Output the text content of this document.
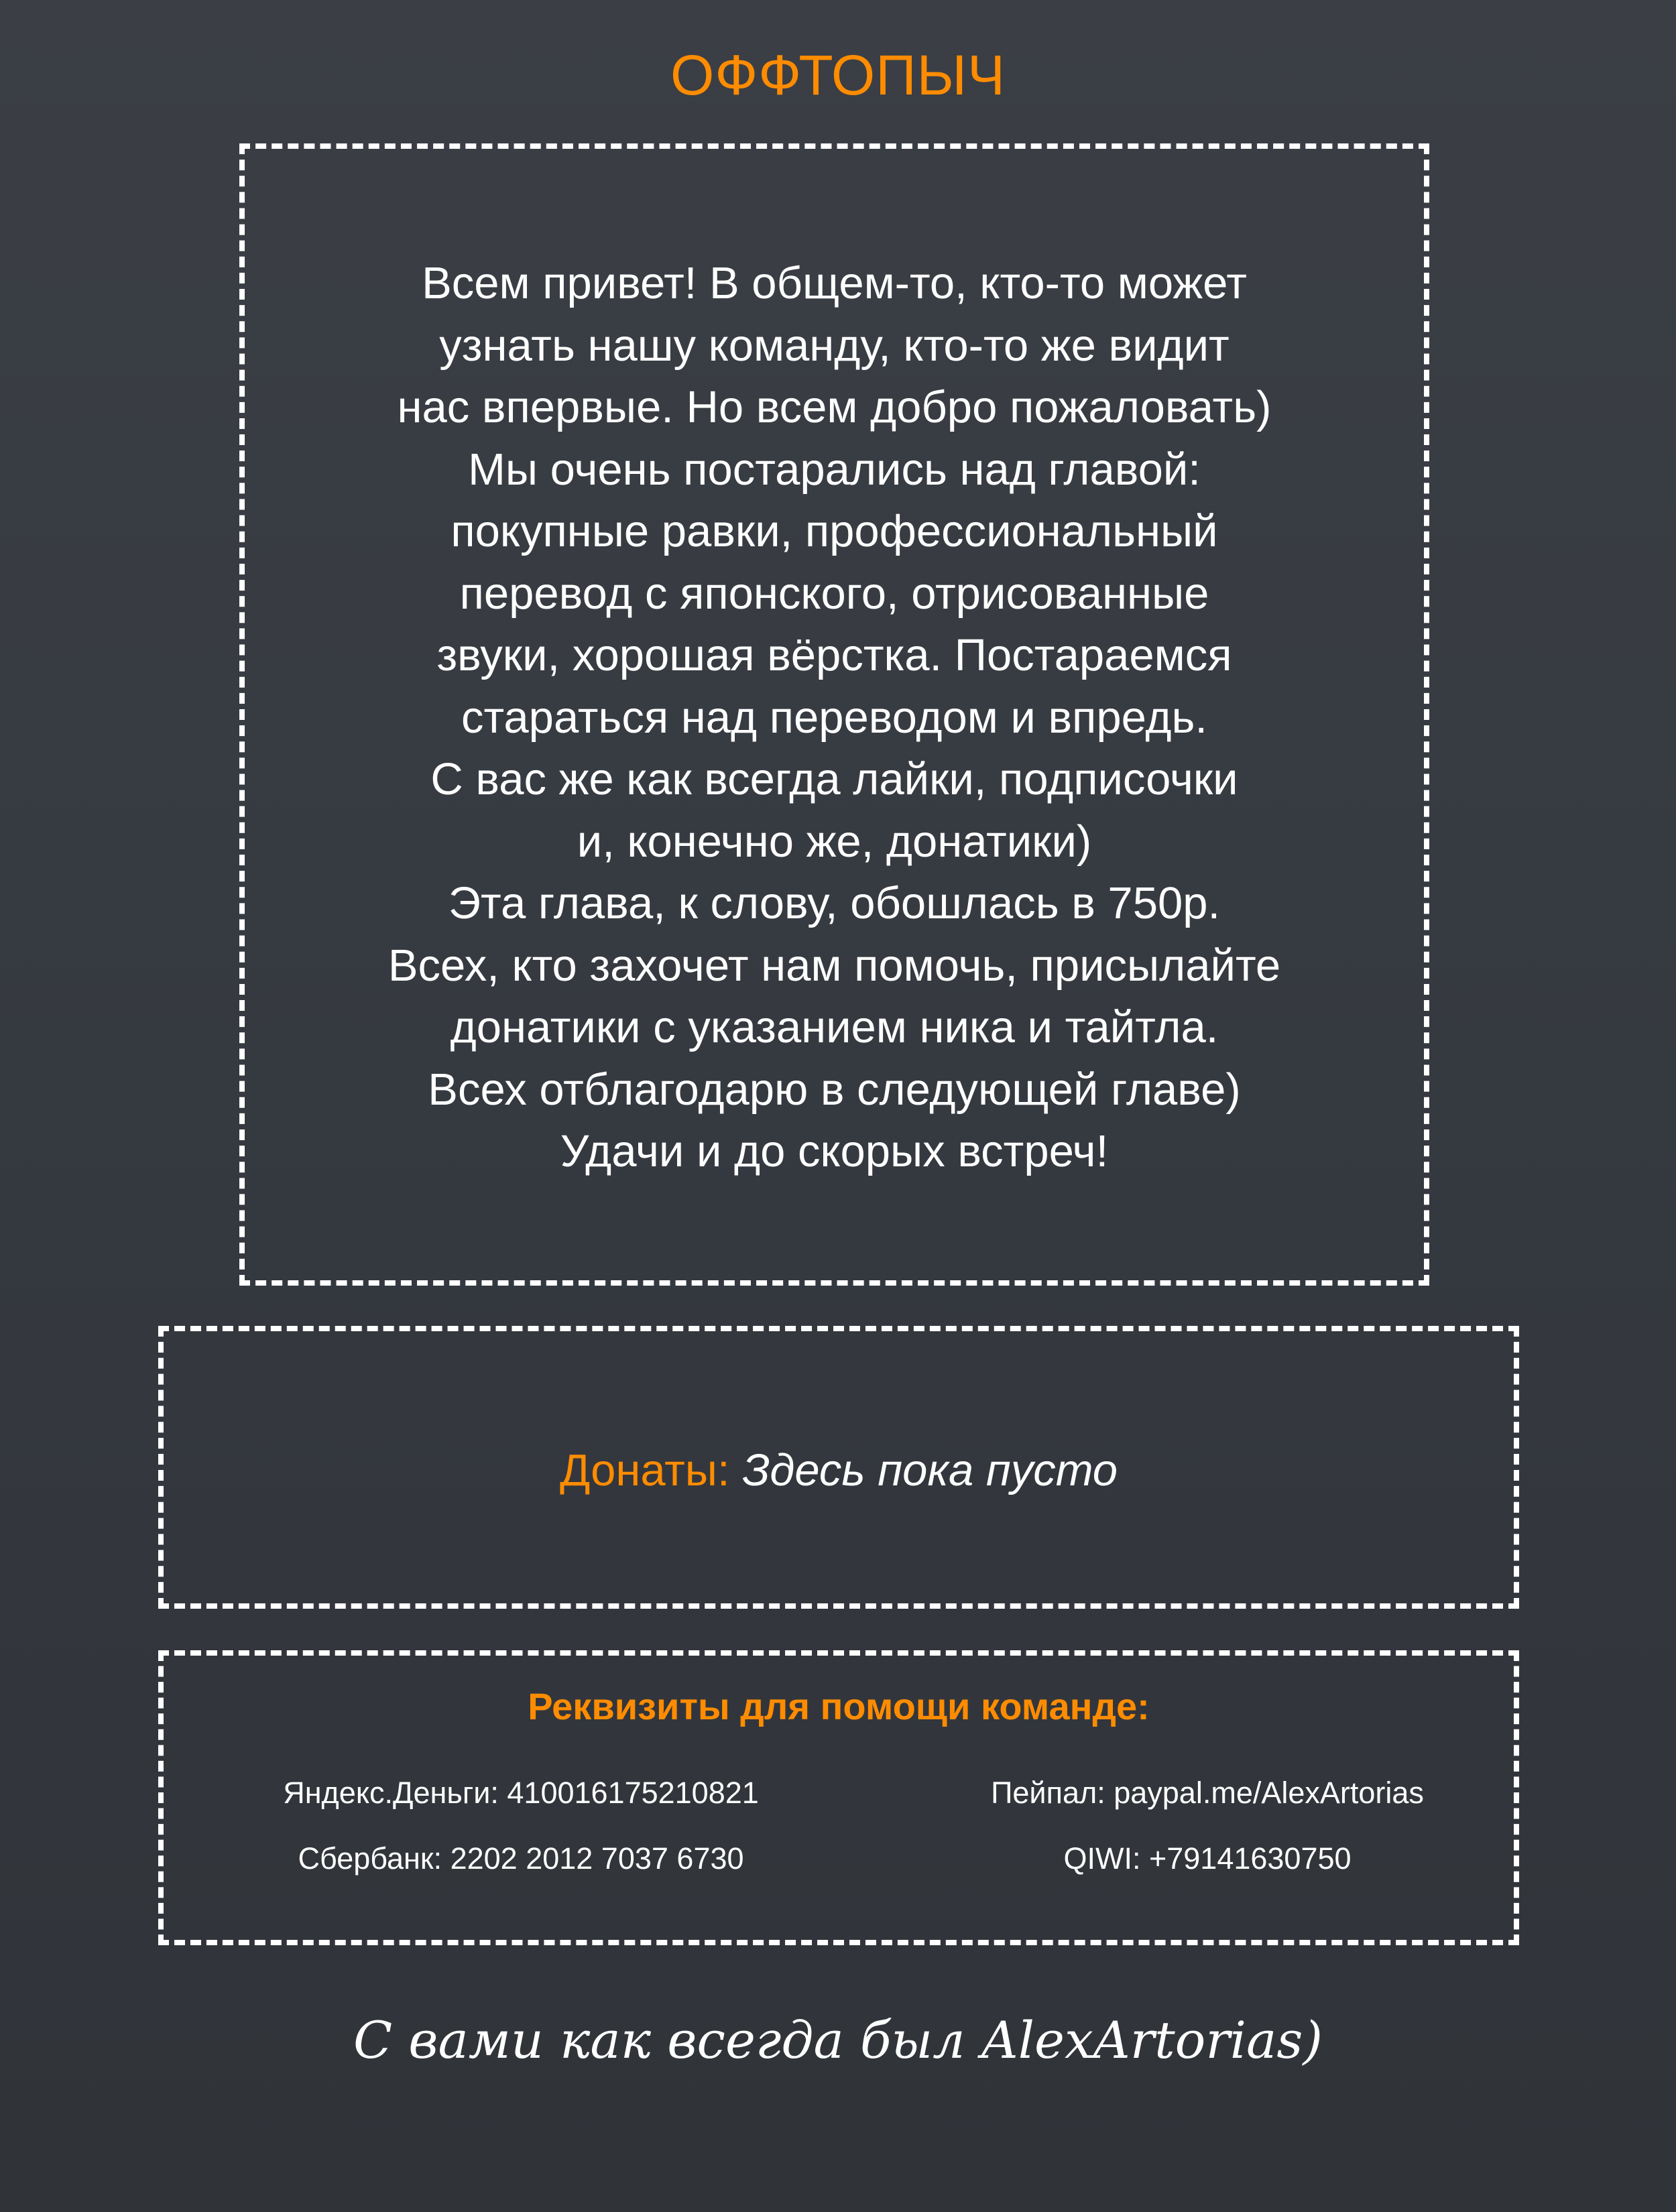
ОФФТОПЫЧ
Всем привет! В общем-то, кто-то может
узнать нашу команду, кто-то же видит
нас впервые. Но всем добро пожаловать)
Мы очень постарались над главой:
покупные равки, профессиональный
перевод с японского, отрисованные
звуки, хорошая вёрстка. Постараемся
стараться над переводом и впредь.
С вас же как всегда лайки, подписочки
и, конечно же, донатики)
Эта глава, к слову, обошлась в 750р.
Всех, кто захочет нам помочь, присылайте
донатики с указанием ника и тайтла.
Всех отблагодарю в следующей главе)
Удачи и до скорых встреч!
Донаты: Здесь пока пусто
Реквизиты для помощи команде:
Яндекс.Деньги: 410016175210821	Пейпал: paypal.me/AlexArtorias
Сбербанк: 2202 2012 7037 6730	QIWI: +79141630750
С вами как всегда был AlexArtorias)
